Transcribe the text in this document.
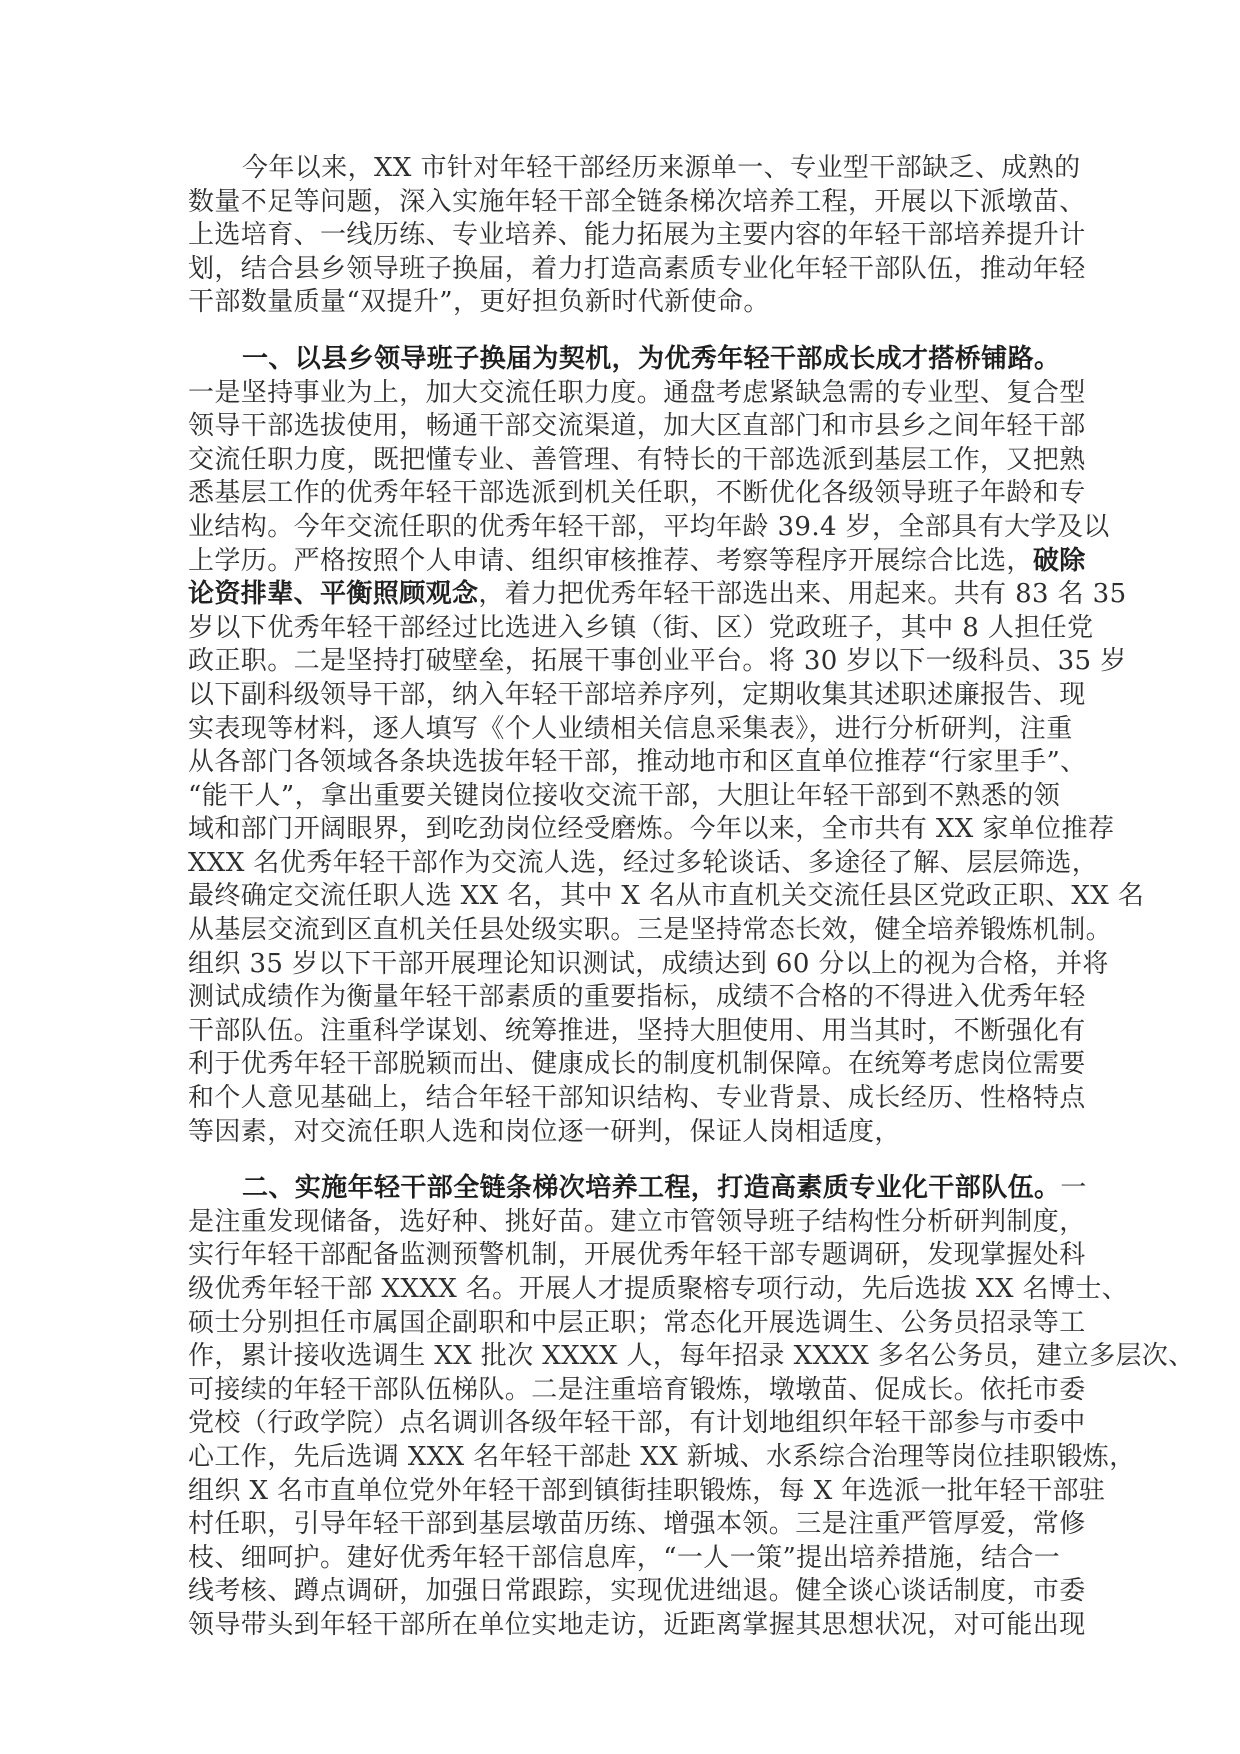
今年以来，XX 市针对年轻干部经历来源单一、专业型干部缺乏、成熟的
数量不足等问题，深入实施年轻干部全链条梯次培养工程，开展以下派墩苗、
上选培育、一线历练、专业培养、能力拓展为主要内容的年轻干部培养提升计
划，结合县乡领导班子换届，着力打造高素质专业化年轻干部队伍，推动年轻
干部数量质量“双提升”，更好担负新时代新使命。
一、以县乡领导班子换届为契机，为优秀年轻干部成长成才搭桥铺路。
一是坚持事业为上，加大交流任职力度。通盘考虑紧缺急需的专业型、复合型
领导干部选拔使用，畅通干部交流渠道，加大区直部门和市县乡之间年轻干部
交流任职力度，既把懂专业、善管理、有特长的干部选派到基层工作，又把熟
悉基层工作的优秀年轻干部选派到机关任职，不断优化各级领导班子年龄和专
业结构。今年交流任职的优秀年轻干部，平均年龄 39.4 岁，全部具有大学及以
上学历。严格按照个人申请、组织审核推荐、考察等程序开展综合比选，破除
论资排辈、平衡照顾观念，着力把优秀年轻干部选出来、用起来。共有 83 名 35
岁以下优秀年轻干部经过比选进入乡镇（街、区）党政班子，其中 8 人担任党
政正职。二是坚持打破壁垒，拓展干事创业平台。将 30 岁以下一级科员、35 岁
以下副科级领导干部，纳入年轻干部培养序列，定期收集其述职述廉报告、现
实表现等材料，逐人填写《个人业绩相关信息采集表》，进行分析研判，注重
从各部门各领域各条块选拔年轻干部，推动地市和区直单位推荐“行家里手”、
“能干人”，拿出重要关键岗位接收交流干部，大胆让年轻干部到不熟悉的领
域和部门开阔眼界，到吃劲岗位经受磨炼。今年以来，全市共有 XX 家单位推荐
XXX 名优秀年轻干部作为交流人选，经过多轮谈话、多途径了解、层层筛选，
最终确定交流任职人选 XX 名，其中 X 名从市直机关交流任县区党政正职、XX 名
从基层交流到区直机关任县处级实职。三是坚持常态长效，健全培养锻炼机制。
组织 35 岁以下干部开展理论知识测试，成绩达到 60 分以上的视为合格，并将
测试成绩作为衡量年轻干部素质的重要指标，成绩不合格的不得进入优秀年轻
干部队伍。注重科学谋划、统筹推进，坚持大胆使用、用当其时，不断强化有
利于优秀年轻干部脱颖而出、健康成长的制度机制保障。在统筹考虑岗位需要
和个人意见基础上，结合年轻干部知识结构、专业背景、成长经历、性格特点
等因素，对交流任职人选和岗位逐一研判，保证人岗相适度，
二、实施年轻干部全链条梯次培养工程，打造高素质专业化干部队伍。一
是注重发现储备，选好种、挑好苗。建立市管领导班子结构性分析研判制度，
实行年轻干部配备监测预警机制，开展优秀年轻干部专题调研，发现掌握处科
级优秀年轻干部 XXXX 名。开展人才提质聚榕专项行动，先后选拔 XX 名博士、
硕士分别担任市属国企副职和中层正职；常态化开展选调生、公务员招录等工
作，累计接收选调生 XX 批次 XXXX 人，每年招录 XXXX 多名公务员，建立多层次、
可接续的年轻干部队伍梯队。二是注重培育锻炼，墩墩苗、促成长。依托市委
党校（行政学院）点名调训各级年轻干部，有计划地组织年轻干部参与市委中
心工作，先后选调 XXX 名年轻干部赴 XX 新城、水系综合治理等岗位挂职锻炼，
组织 X 名市直单位党外年轻干部到镇街挂职锻炼，每 X 年选派一批年轻干部驻
村任职，引导年轻干部到基层墩苗历练、增强本领。三是注重严管厚爱，常修
枝、细呵护。建好优秀年轻干部信息库，“一人一策”提出培养措施，结合一
线考核、蹲点调研，加强日常跟踪，实现优进绌退。健全谈心谈话制度，市委
领导带头到年轻干部所在单位实地走访，近距离掌握其思想状况，对可能出现
